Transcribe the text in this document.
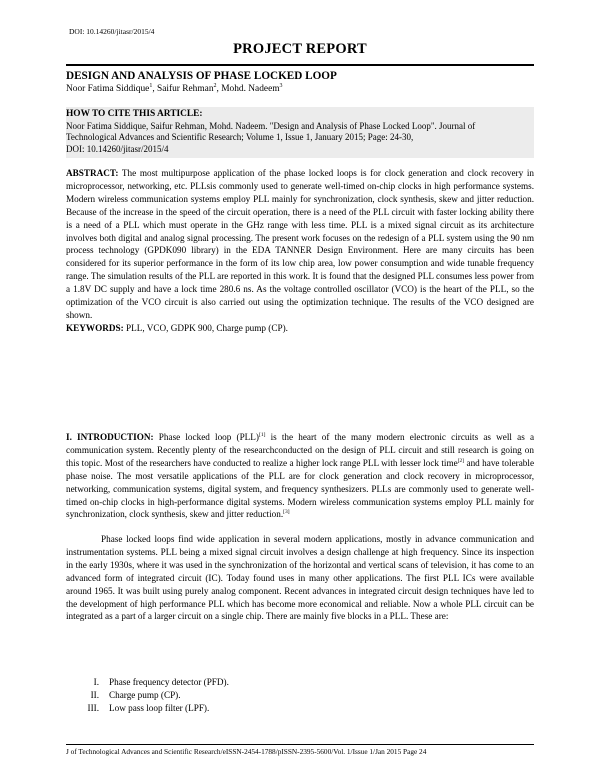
DOI: 10.14260/jitasr/2015/4
PROJECT REPORT
DESIGN AND ANALYSIS OF PHASE LOCKED LOOP
Noor Fatima Siddique$^1$, Saifur Rehman$^2$, Mohd. Nadeem$^3$
HOW TO CITE THIS ARTICLE:
Noor Fatima Siddique, Saifur Rehman, Mohd. Nadeem. "Design and Analysis of Phase Locked Loop". Journal of
Technological Advances and Scientific Research; Volume 1, Issue 1, January 2015; Page: 24-30,
DOI: 10.14260/jitasr/2015/4
ABSTRACT: The most multipurpose application of the phase locked loops is for clock generation and clock recovery in microprocessor, networking, etc. PLLsis commonly used to generate well-timed on-chip clocks in high performance systems. Modern wireless communication systems employ PLL mainly for synchronization, clock synthesis, skew and jitter reduction. Because of the increase in the speed of the circuit operation, there is a need of the PLL circuit with faster locking ability there is a need of a PLL which must operate in the GHz range with less time. PLL is a mixed signal circuit as its architecture involves both digital and analog signal processing. The present work focuses on the redesign of a PLL system using the 90 nm process technology (GPDK090 library) in the EDA TANNER Design Environment. Here are many circuits has been considered for its superior performance in the form of its low chip area, low power consumption and wide tunable frequency range. The simulation results of the PLL are reported in this work. It is found that the designed PLL consumes less power from a 1.8V DC supply and have a lock time 280.6 ns. As the voltage controlled oscillator (VCO) is the heart of the PLL, so the optimization of the VCO circuit is also carried out using the optimization technique. The results of the VCO designed are shown.
KEYWORDS: PLL, VCO, GDPK 900, Charge pump (CP).
I. INTRODUCTION: Phase locked loop (PLL)[1] is the heart of the many modern electronic circuits as well as a communication system. Recently plenty of the researchconducted on the design of PLL circuit and still research is going on this topic. Most of the researchers have conducted to realize a higher lock range PLL with lesser lock time[2] and have tolerable phase noise. The most versatile applications of the PLL are for clock generation and clock recovery in microprocessor, networking, communication systems, digital system, and frequency synthesizers. PLLs are commonly used to generate well-timed on-chip clocks in high-performance digital systems. Modern wireless communication systems employ PLL mainly for synchronization, clock synthesis, skew and jitter reduction.[3]
Phase locked loops find wide application in several modern applications, mostly in advance communication and instrumentation systems. PLL being a mixed signal circuit involves a design challenge at high frequency. Since its inspection in the early 1930s, where it was used in the synchronization of the horizontal and vertical scans of television, it has come to an advanced form of integrated circuit (IC). Today found uses in many other applications. The first PLL ICs were available around 1965. It was built using purely analog component. Recent advances in integrated circuit design techniques have led to the development of high performance PLL which has become more economical and reliable. Now a whole PLL circuit can be integrated as a part of a larger circuit on a single chip. There are mainly five blocks in a PLL. These are:
I.	Phase frequency detector (PFD).
II.	Charge pump (CP).
III.	Low pass loop filter (LPF).
J of Technological Advances and Scientific Research/eISSN-2454-1788/pISSN-2395-5600/Vol. 1/Issue 1/Jan 2015 Page 24
